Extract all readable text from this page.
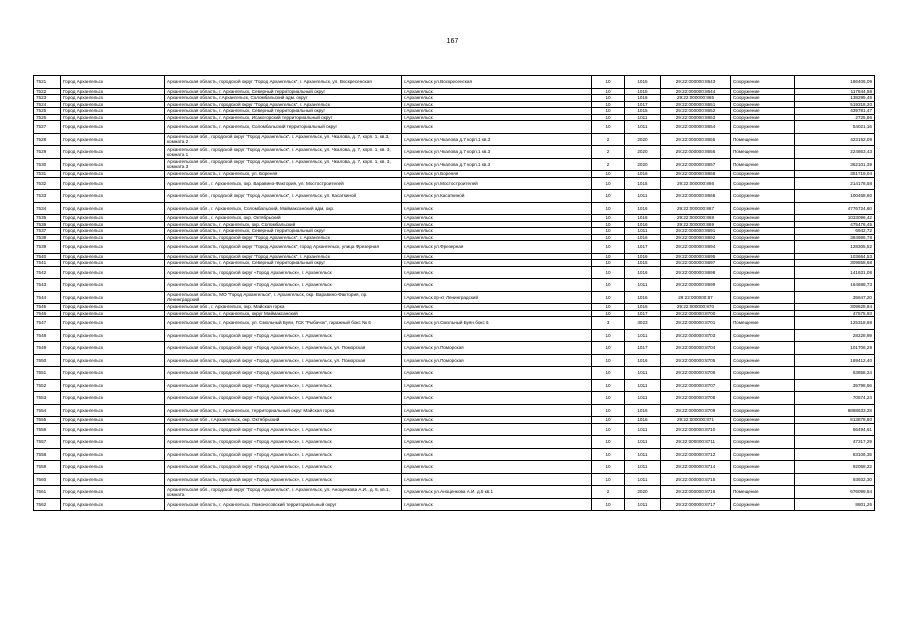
167
7521	Город Архангельск	Архангельская область, городской округ "Город Архангельск", г. Архангельск, ул. Воскресенская	г.Архангельск ул.Воскресенская	10	1015	29:22:000000:8643	Сооружение	186406,09
7522	Город Архангельск	Архангельская область, г. Архангельск, Северный территориальный округ	г.Архангельск	10	1015	29:22:000000:8644	Сооружение	117844,58
7523	Город Архангельск	Архангельская область, г.Архангельск, Соломбальский адм. округ	г.Архангельск	10	1016	29:22:000000:865	Сооружение	138295,45
7524	Город Архангельск	Архангельская область, городской округ "Город Архангельск", г. Архангельск	г.Архангельск	10	1017	29:22:000000:8651	Сооружение	519318,20
7525	Город Архангельск	Архангельская область, г. Архангельск, Северный территориальный округ	г.Архангельск	10	1015	29:22:000000:8652	Сооружение	439781,47
7526	Город Архангельск	Архангельская область, г. Архангельск, Исакогорский территориальный округ	г.Архангельск	10	1011	29:22:000000:8653	Сооружение	2725,86
7527	Город Архангельск	Архангельская область, г. Архангельск, Соломбальский территориальный округ	г.Архангельск	10	1011	29:22:000000:8654	Сооружение	54021,16
7528	Город Архангельск	Архангельская обл., городской округ "Город Архангельск", г. Архангельск, ул. Чкалова, д. 7, корп. 1, кв.3, комната 2	г.Архангельск ул.Чкалова д.7 корп.1 кв.3	2	2020	29:22:000000:8655	Помещение	423152,09
7529	Город Архангельск	Архангельская обл., городской округ "Город Архангельск", г. Архангельск, ул. Чкалова, д. 7, корп. 1, кв. 3, комната 1	г.Архангельск ул.Чкалова д.7 корп.1 кв.3	2	2020	29:22:000000:8656	Помещение	224863,43
7530	Город Архангельск	Архангельская обл., городской округ "Город Архангельск", г. Архангельск, ул. Чкалова, д. 7, корп. 1, кв. 3, комната 3	г.Архангельск ул.Чкалова д.7 корп.1 кв.3	2	2020	29:22:000000:8657	Помещение	362101,39
7531	Город Архангельск	Архангельская область, г. Архангельск, ул. Бореняя	г.Архангельск ул.Бореняя	10	1016	29:22:000000:8658	Сооружение	351719,04
7532	Город Архангельск	Архангельская обл., г. Архангельск, окр. Варавино-Фактория, ул. Мостостроителей	г.Архангельск ул.Мостостроителей	10	1015	29:22:000000:866	Сооружение	214178,58
7533	Город Архангельск	Архангельская обл., городской округ "Город Архангельск", г. Архангельск, ул. Касаткиной	г.Архангельск ул.Касаткиной	10	1011	29:22:000000:8668	Сооружение	100468,60
7534	Город Архангельск	Архангельская обл., г. Архангельск, Соломбальский, Маймаксанский адм. окр.	г.Архангельск	10	1016	29:22:000000:867	Сооружение	4776724,60
7535	Город Архангельск	Архангельская обл., г. Архангельск, окр. Октябрьский	г.Архангельск	10	1016	29:22:000000:868	Сооружение	1033096,42
7536	Город Архангельск	Архангельская область, г. Архангельск, окр. Соломбальский	г.Архангельск	10	1016	29:22:000000:869	Сооружение	475476,45
7537	Город Архангельск	Архангельская область, г. Архангельск, Северный территориальный округ	г.Архангельск	10	1011	29:22:000000:8691	Сооружение	6942,72
7538	Город Архангельск	Архангельская область, городской округ "Город Архангельск", г. Архангельск	г.Архангельск	10	1016	29:22:000000:8692	Сооружение	384986,78
7539	Город Архангельск	Архангельская область, городской округ "Город Архангельск", город Архангельск, улица Фрезерная	г.Архангельск ул.Фрезерная	10	1017	29:22:000000:8694	Сооружение	128305,52
7540	Город Архангельск	Архангельская область, городской округ "Город Архангельск", г. Архангельск	г.Архангельск	10	1016	29:22:000000:8695	Сооружение	103664,53
7541	Город Архангельск	Архангельская область, г. Архангельск, Северный территориальный округ	г.Архангельск	10	1015	29:22:000000:8697	Сооружение	309858,68
7542	Город Архангельск	Архангельская область, городской округ «Город Архангельск», г. Архангельск	г.Архангельск	10	1016	29:22:000000:8698	Сооружение	141631,08
7543	Город Архангельск	Архангельская область, городской округ «Город Архангельск», г. Архангельск	г.Архангельск	10	1011	29:22:000000:8699	Сооружение	164688,73
7544	Город Архангельск	Архангельская область, МО "Город Архангельск", г. Архангельск, окр. Варавино-Фактория, пр. Ленинградский	г.Архангельск пр-кт Ленинградский	10	1016	29:22:000000:87	Сооружение	35647,20
7545	Город Архангельск	Архангельская обл., г. Архангельск, окр. Майская горка	г.Архангельск	10	1016	29:22:000000:870	Сооружение	309628,84
7546	Город Архангельск	Архангельская область, г. Архангельск, округ Маймаксанский	г.Архангельск	10	1017	29:22:000000:8700	Сооружение	47575,93
7547	Город Архангельск	Архангельская область, г. Архангельск, ул. Смольный Буян, ГСК "Рыбачок", гаражный бокс № 6	г.Архангельск ул.Смольный Буян бокс 6	3	3023	29:22:000000:8701	Помещение	125318,68
7548	Город Архангельск	Архангельская область, городской округ «Город Архангельск», г. Архангельск	г.Архангельск	10	1011	29:22:000000:8703	Сооружение	28228,99
7549	Город Архангельск	Архангельская область, городской округ «Город Архангельск», г. Архангельск, ул. Поморская	г.Архангельск ул.Поморская	10	1017	29:22:000000:8704	Сооружение	101706,29
7550	Город Архангельск	Архангельская область, городской округ «Город Архангельск», г. Архангельск, ул. Поморская	г.Архангельск ул.Поморская	10	1016	29:22:000000:8705	Сооружение	169412,40
7551	Город Архангельск	Архангельская область, городской округ «Город Архангельск», г. Архангельск	г.Архангельск	10	1011	29:22:000000:8706	Сооружение	63858,24
7552	Город Архангельск	Архангельская область, городской округ «Город Архангельск», г. Архангельск	г.Архангельск	10	1011	29:22:000000:8707	Сооружение	35798,56
7553	Город Архангельск	Архангельская область, городской округ «Город Архангельск», г. Архангельск	г.Архангельск	10	1011	29:22:000000:8708	Сооружение	70574,24
7554	Город Архангельск	Архангельская область, г. Архангельск, территориальный округ Майская горка	г.Архангельск	10	1016	29:22:000000:8709	Сооружение	9888633,28
7555	Город Архангельск	Архангельская обл., г.Архангельск, окр. Октябрьский	г.Архангельск	10	1016	29:22:000000:871	Сооружение	813878,80
7556	Город Архангельск	Архангельская область, городской округ «Город Архангельск», г. Архангельск	г.Архангельск	10	1011	29:22:000000:8710	Сооружение	66494,61
7557	Город Архангельск	Архангельская область, городской округ «Город Архангельск», г. Архангельск	г.Архангельск	10	1011	29:22:000000:8711	Сооружение	47317,29
7558	Город Архангельск	Архангельская область, городской округ «Город Архангельск», г. Архангельск	г.Архангельск	10	1011	29:22:000000:8712	Сооружение	83106,35
7559	Город Архангельск	Архангельская область, городской округ «Город Архангельск», г. Архангельск	г.Архангельск	10	1011	29:22:000000:8714	Сооружение	92068,22
7560	Город Архангельск	Архангельская область, городской округ «Город Архангельск», г. Архангельск	г.Архангельск	10	1011	29:22:000000:8715	Сооружение	93932,30
7561	Город Архангельск	Архангельская обл., городской округ "Город Архангельск", г. Архангельск, ул. Аноценкова А.И., д. 5, кв.1, комната	г.Архангельск ул.Аноценкова А.И. д.5 кв.1	2	2020	29:22:000000:8716	Помещение	676099,54
7562	Город Архангельск	Архангельская область, г. Архангельск, Ломоносовский территориальный округ	г.Архангельск	10	1011	29:22:000000:8717	Сооружение	8801,26
